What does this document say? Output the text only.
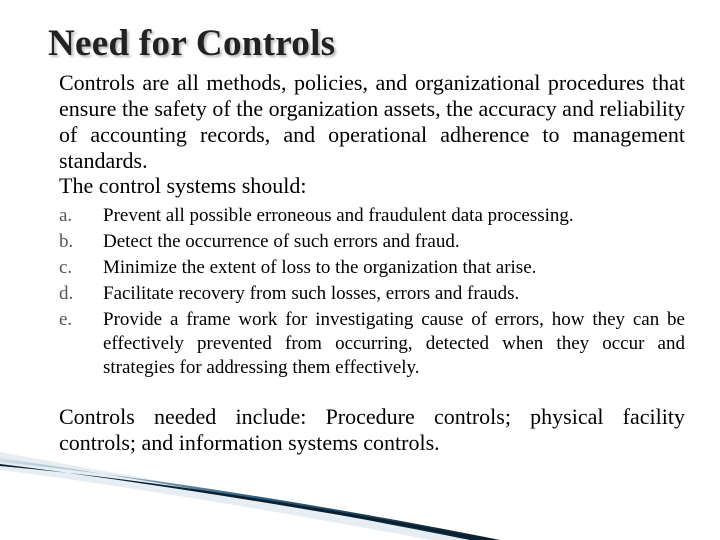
Need for Controls
Controls are all methods, policies, and organizational procedures that ensure the safety of the organization assets, the accuracy and reliability of accounting records, and operational adherence to management standards.
The control systems should:
a.	Prevent all possible erroneous and fraudulent data processing.
b.	Detect the occurrence of such errors and fraud.
c.	Minimize the extent of loss to the organization that arise.
d.	Facilitate recovery from such losses, errors and frauds.
e.	Provide a frame work for investigating cause of errors, how they can be effectively prevented from occurring, detected when they occur and strategies for addressing them effectively.
Controls needed include: Procedure controls; physical facility controls; and information systems controls.
